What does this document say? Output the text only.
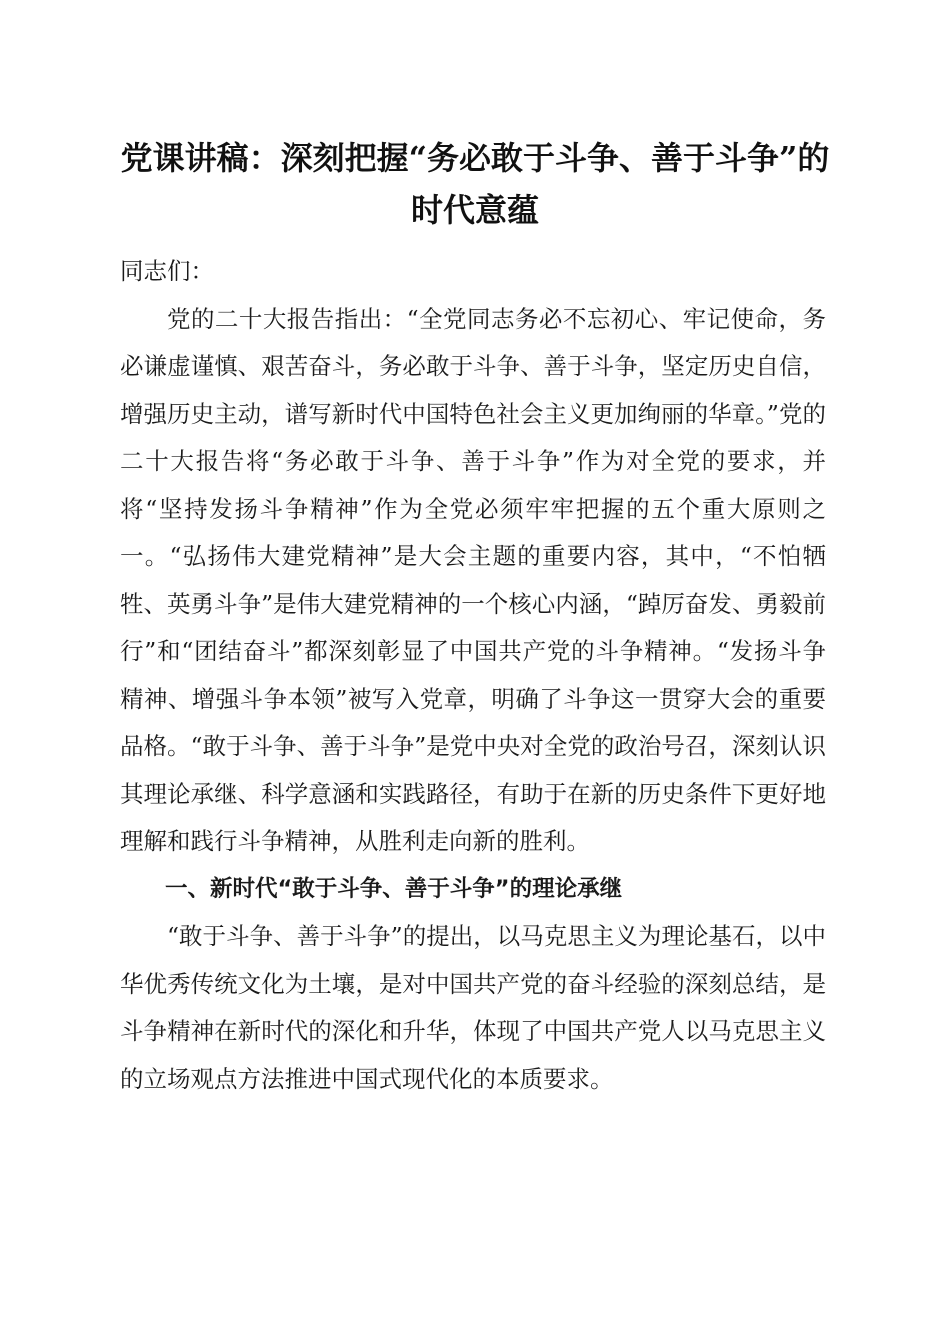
党课讲稿：深刻把握“务必敢于斗争、善于斗争”的时代意蕴

同志们：

党的二十大报告指出：“全党同志务必不忘初心、牢记使命，务必谦虚谨慎、艰苦奋斗，务必敢于斗争、善于斗争，坚定历史自信，增强历史主动，谱写新时代中国特色社会主义更加绚丽的华章。”党的二十大报告将“务必敢于斗争、善于斗争”作为对全党的要求，并将“坚持发扬斗争精神”作为全党必须牢牢把握的五个重大原则之一。“弘扬伟大建党精神”是大会主题的重要内容，其中，“不怕牺牲、英勇斗争”是伟大建党精神的一个核心内涵，“踔厉奋发、勇毅前行”和“团结奋斗”都深刻彰显了中国共产党的斗争精神。“发扬斗争精神、增强斗争本领”被写入党章，明确了斗争这一贯穿大会的重要品格。“敢于斗争、善于斗争”是党中央对全党的政治号召，深刻认识其理论承继、科学意涵和实践路径，有助于在新的历史条件下更好地理解和践行斗争精神，从胜利走向新的胜利。

一、新时代“敢于斗争、善于斗争”的理论承继

“敢于斗争、善于斗争”的提出，以马克思主义为理论基石，以中华优秀传统文化为土壤，是对中国共产党的奋斗经验的深刻总结，是斗争精神在新时代的深化和升华，体现了中国共产党人以马克思主义的立场观点方法推进中国式现代化的本质要求。
